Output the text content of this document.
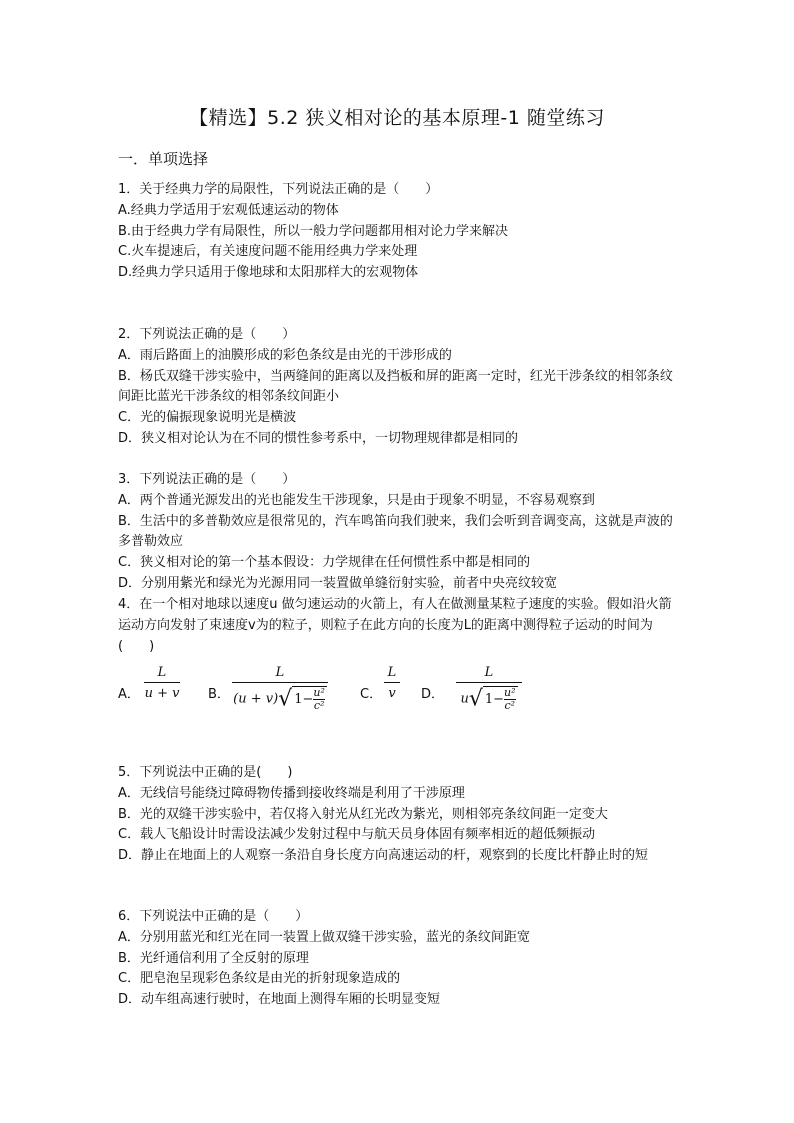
【精选】5.2 狭义相对论的基本原理-1 随堂练习
一．单项选择

1．关于经典力学的局限性，下列说法正确的是（　　）

A.经典力学适用于宏观低速运动的物体

B.由于经典力学有局限性，所以一般力学问题都用相对论力学来解决

C.火车提速后，有关速度问题不能用经典力学来处理

D.经典力学只适用于像地球和太阳那样大的宏观物体

2．下列说法正确的是（　　）

A．雨后路面上的油膜形成的彩色条纹是由光的干涉形成的

B．杨氏双缝干涉实验中，当两缝间的距离以及挡板和屏的距离一定时，红光干涉条纹的相邻条纹间距比蓝光干涉条纹的相邻条纹间距小

C．光的偏振现象说明光是横波

D．狭义相对论认为在不同的惯性参考系中，一切物理规律都是相同的

3．下列说法正确的是（　　）

A．两个普通光源发出的光也能发生干涉现象，只是由于现象不明显，不容易观察到

B．生活中的多普勒效应是很常见的，汽车鸣笛向我们驶来，我们会听到音调变高，这就是声波的多普勒效应

C．狭义相对论的第一个基本假设：力学规律在任何惯性系中都是相同的

D．分别用紫光和绿光为光源用同一装置做单缝衍射实验，前者中央亮纹较宽

4．在一个相对地球以速度u 做匀速运动的火箭上，有人在做测量某粒子速度的实验。假如沿火箭运动方向发射了束速度v为的粒子，则粒子在此方向的长度为L的距离中测得粒子运动的时间为(　　)

A． $\frac{L}{u + v}$ B． $\frac{L}{(u + v)√ 1- \frac{\text{u²}}{\text{c²}}}$ C． $\frac{L}{v}$ D． $\frac{L}{u√ 1- \frac{\text{u²}}{\text{c²}}}$

5．下列说法中正确的是(　　)

A．无线信号能绕过障碍物传播到接收终端是利用了干涉原理

B．光的双缝干涉实验中，若仅将入射光从红光改为紫光，则相邻亮条纹间距一定变大

C．载人飞船设计时需设法减少发射过程中与航天员身体固有频率相近的超低频振动

D．静止在地面上的人观察一条沿自身长度方向高速运动的杆，观察到的长度比杆静止时的短

6．下列说法中正确的是（　　）

A．分别用蓝光和红光在同一装置上做双缝干涉实验，蓝光的条纹间距宽

B．光纤通信利用了全反射的原理

C．肥皂泡呈现彩色条纹是由光的折射现象造成的

D．动车组高速行驶时，在地面上测得车厢的长明显变短
